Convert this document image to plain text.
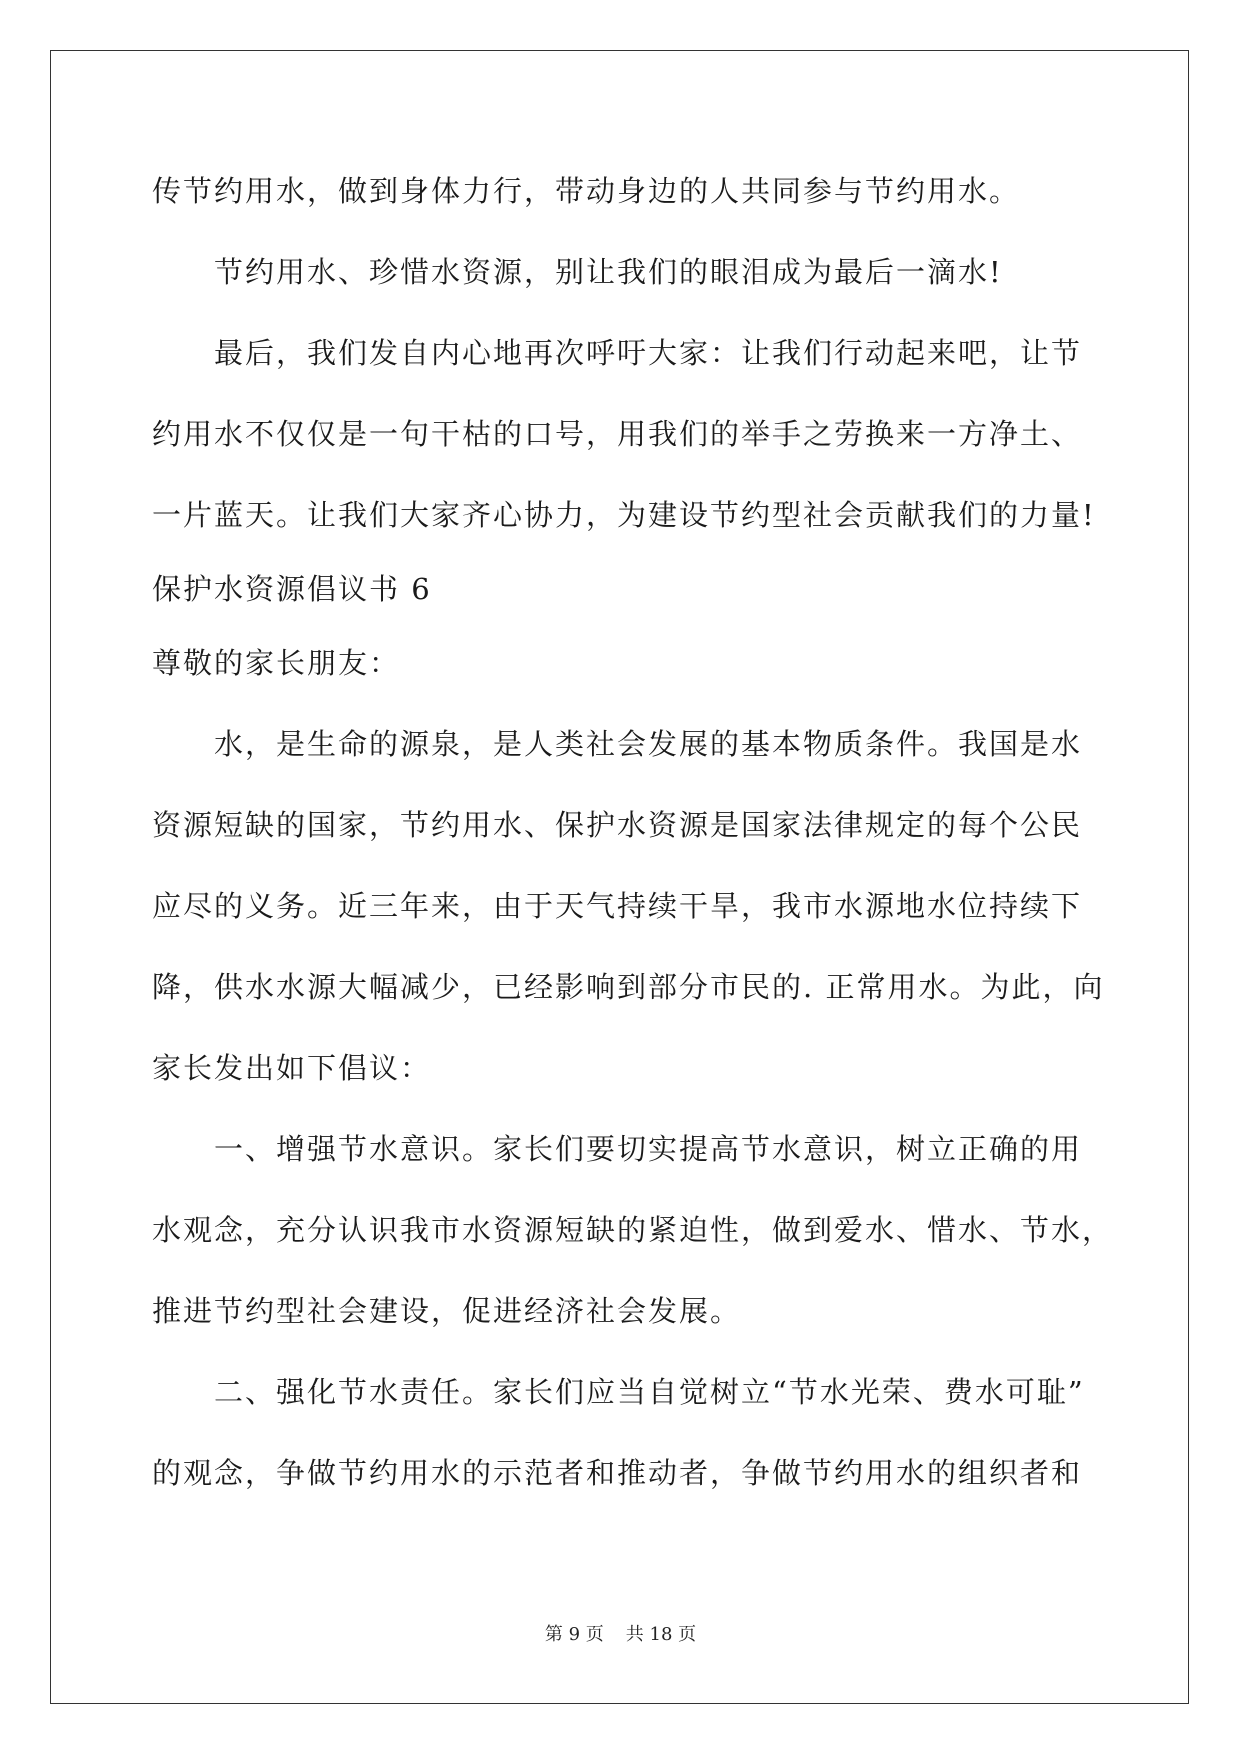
传节约用水，做到身体力行，带动身边的人共同参与节约用水。
节约用水、珍惜水资源，别让我们的眼泪成为最后一滴水!
最后，我们发自内心地再次呼吁大家：让我们行动起来吧，让节
约用水不仅仅是一句干枯的口号，用我们的举手之劳换来一方净土、
一片蓝天。让我们大家齐心协力，为建设节约型社会贡献我们的力量!
保护水资源倡议书 6
尊敬的家长朋友：
水，是生命的源泉，是人类社会发展的基本物质条件。我国是水
资源短缺的国家，节约用水、保护水资源是国家法律规定的每个公民
应尽的义务。近三年来，由于天气持续干旱，我市水源地水位持续下
降，供水水源大幅减少，已经影响到部分市民的. 正常用水。为此，向
家长发出如下倡议：
一、增强节水意识。家长们要切实提高节水意识，树立正确的用
水观念，充分认识我市水资源短缺的紧迫性，做到爱水、惜水、节水，
推进节约型社会建设，促进经济社会发展。
二、强化节水责任。家长们应当自觉树立“节水光荣、费水可耻”
的观念，争做节约用水的示范者和推动者，争做节约用水的组织者和
第 9 页 共 18 页
